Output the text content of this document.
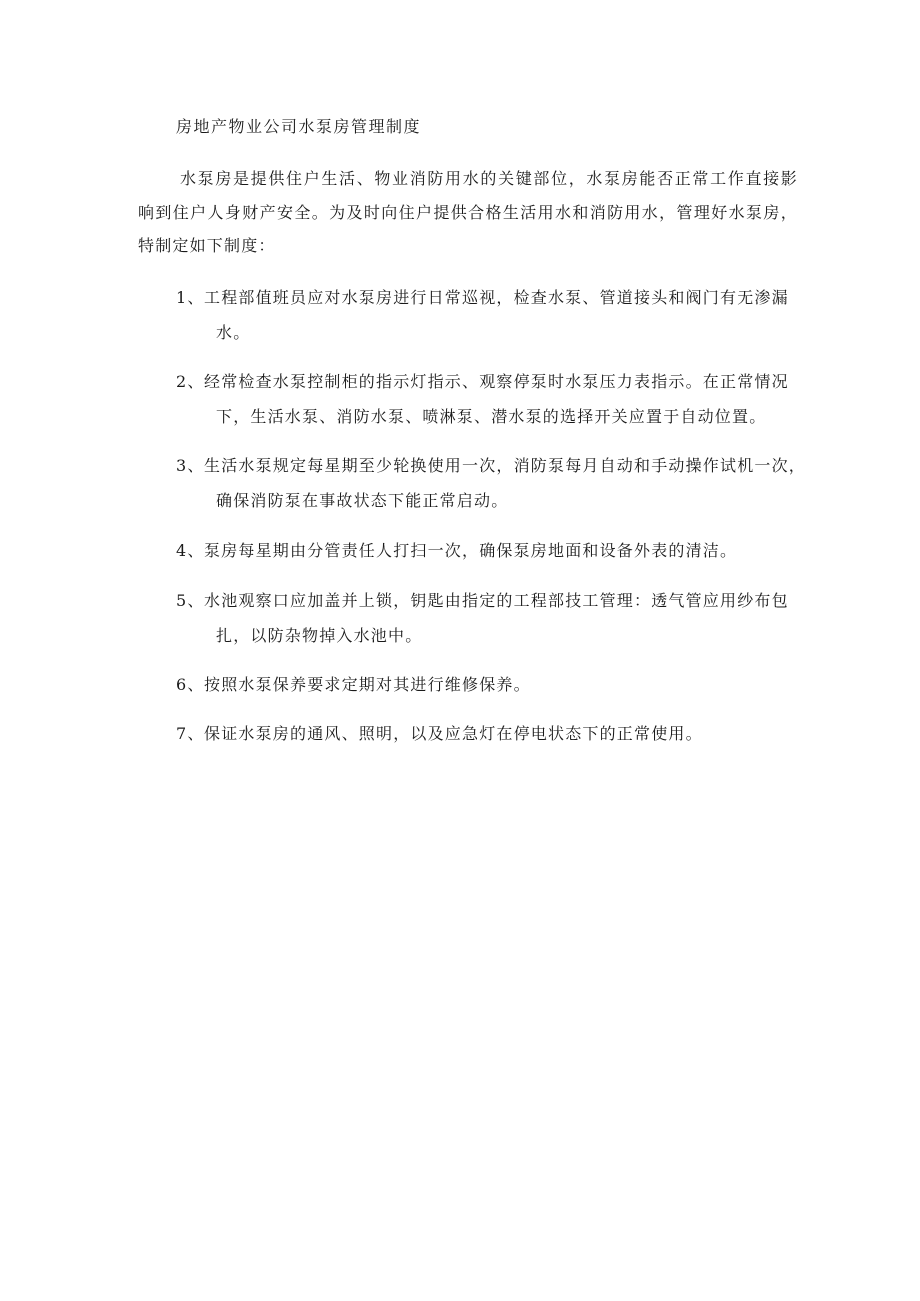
房地产物业公司水泵房管理制度
水泵房是提供住户生活、物业消防用水的关键部位，水泵房能否正常工作直接影响到住户人身财产安全。为及时向住户提供合格生活用水和消防用水，管理好水泵房，特制定如下制度：
1、工程部值班员应对水泵房进行日常巡视，检查水泵、管道接头和阀门有无渗漏
水。
2、经常检查水泵控制柜的指示灯指示、观察停泵时水泵压力表指示。在正常情况
下，生活水泵、消防水泵、喷淋泵、潜水泵的选择开关应置于自动位置。
3、生活水泵规定每星期至少轮换使用一次，消防泵每月自动和手动操作试机一次，
确保消防泵在事故状态下能正常启动。
4、泵房每星期由分管责任人打扫一次，确保泵房地面和设备外表的清洁。
5、水池观察口应加盖并上锁，钥匙由指定的工程部技工管理：透气管应用纱布包
扎，以防杂物掉入水池中。
6、按照水泵保养要求定期对其进行维修保养。
7、保证水泵房的通风、照明，以及应急灯在停电状态下的正常使用。
